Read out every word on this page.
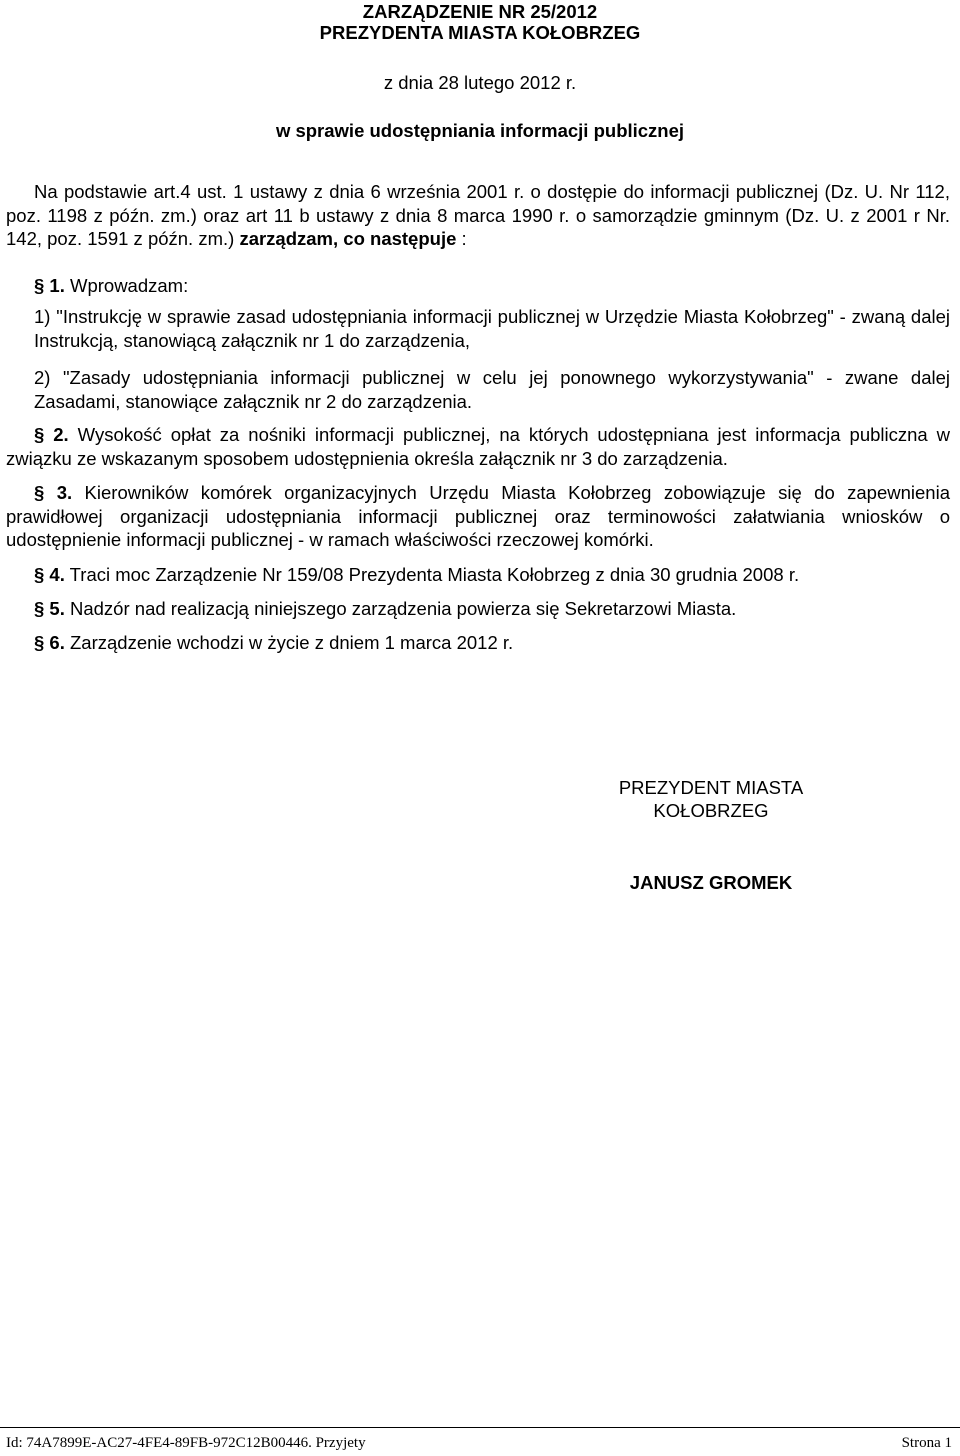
ZARZĄDZENIE NR 25/2012
PREZYDENTA MIASTA KOŁOBRZEG
z dnia 28 lutego 2012 r.
w sprawie udostępniania informacji publicznej
Na podstawie art.4 ust. 1 ustawy z dnia 6 września 2001 r. o dostępie do informacji publicznej (Dz. U. Nr 112, poz. 1198 z późn. zm.) oraz art 11 b ustawy z dnia 8 marca 1990 r. o samorządzie gminnym (Dz. U. z 2001 r Nr. 142, poz. 1591 z późn. zm.) zarządzam, co następuje :
§ 1. Wprowadzam:
1) "Instrukcję w sprawie zasad udostępniania informacji publicznej w Urzędzie Miasta Kołobrzeg" - zwaną dalej Instrukcją, stanowiącą załącznik nr 1 do zarządzenia,
2) "Zasady udostępniania informacji publicznej w celu jej ponownego wykorzystywania" - zwane dalej Zasadami, stanowiące załącznik nr 2 do zarządzenia.
§ 2. Wysokość opłat za nośniki informacji publicznej, na których udostępniana jest informacja publiczna w związku ze wskazanym sposobem udostępnienia określa załącznik nr 3 do zarządzenia.
§ 3. Kierowników komórek organizacyjnych Urzędu Miasta Kołobrzeg zobowiązuje się do zapewnienia prawidłowej organizacji udostępniania informacji publicznej oraz terminowości załatwiania wniosków o udostępnienie informacji publicznej - w ramach właściwości rzeczowej komórki.
§ 4. Traci moc Zarządzenie Nr 159/08 Prezydenta Miasta Kołobrzeg z dnia 30 grudnia 2008 r.
§ 5. Nadzór nad realizacją niniejszego zarządzenia powierza się Sekretarzowi Miasta.
§ 6. Zarządzenie wchodzi w życie z dniem 1 marca 2012 r.
PREZYDENT MIASTA
KOŁOBRZEG
JANUSZ GROMEK
Id: 74A7899E-AC27-4FE4-89FB-972C12B00446. Przyjety	Strona 1
